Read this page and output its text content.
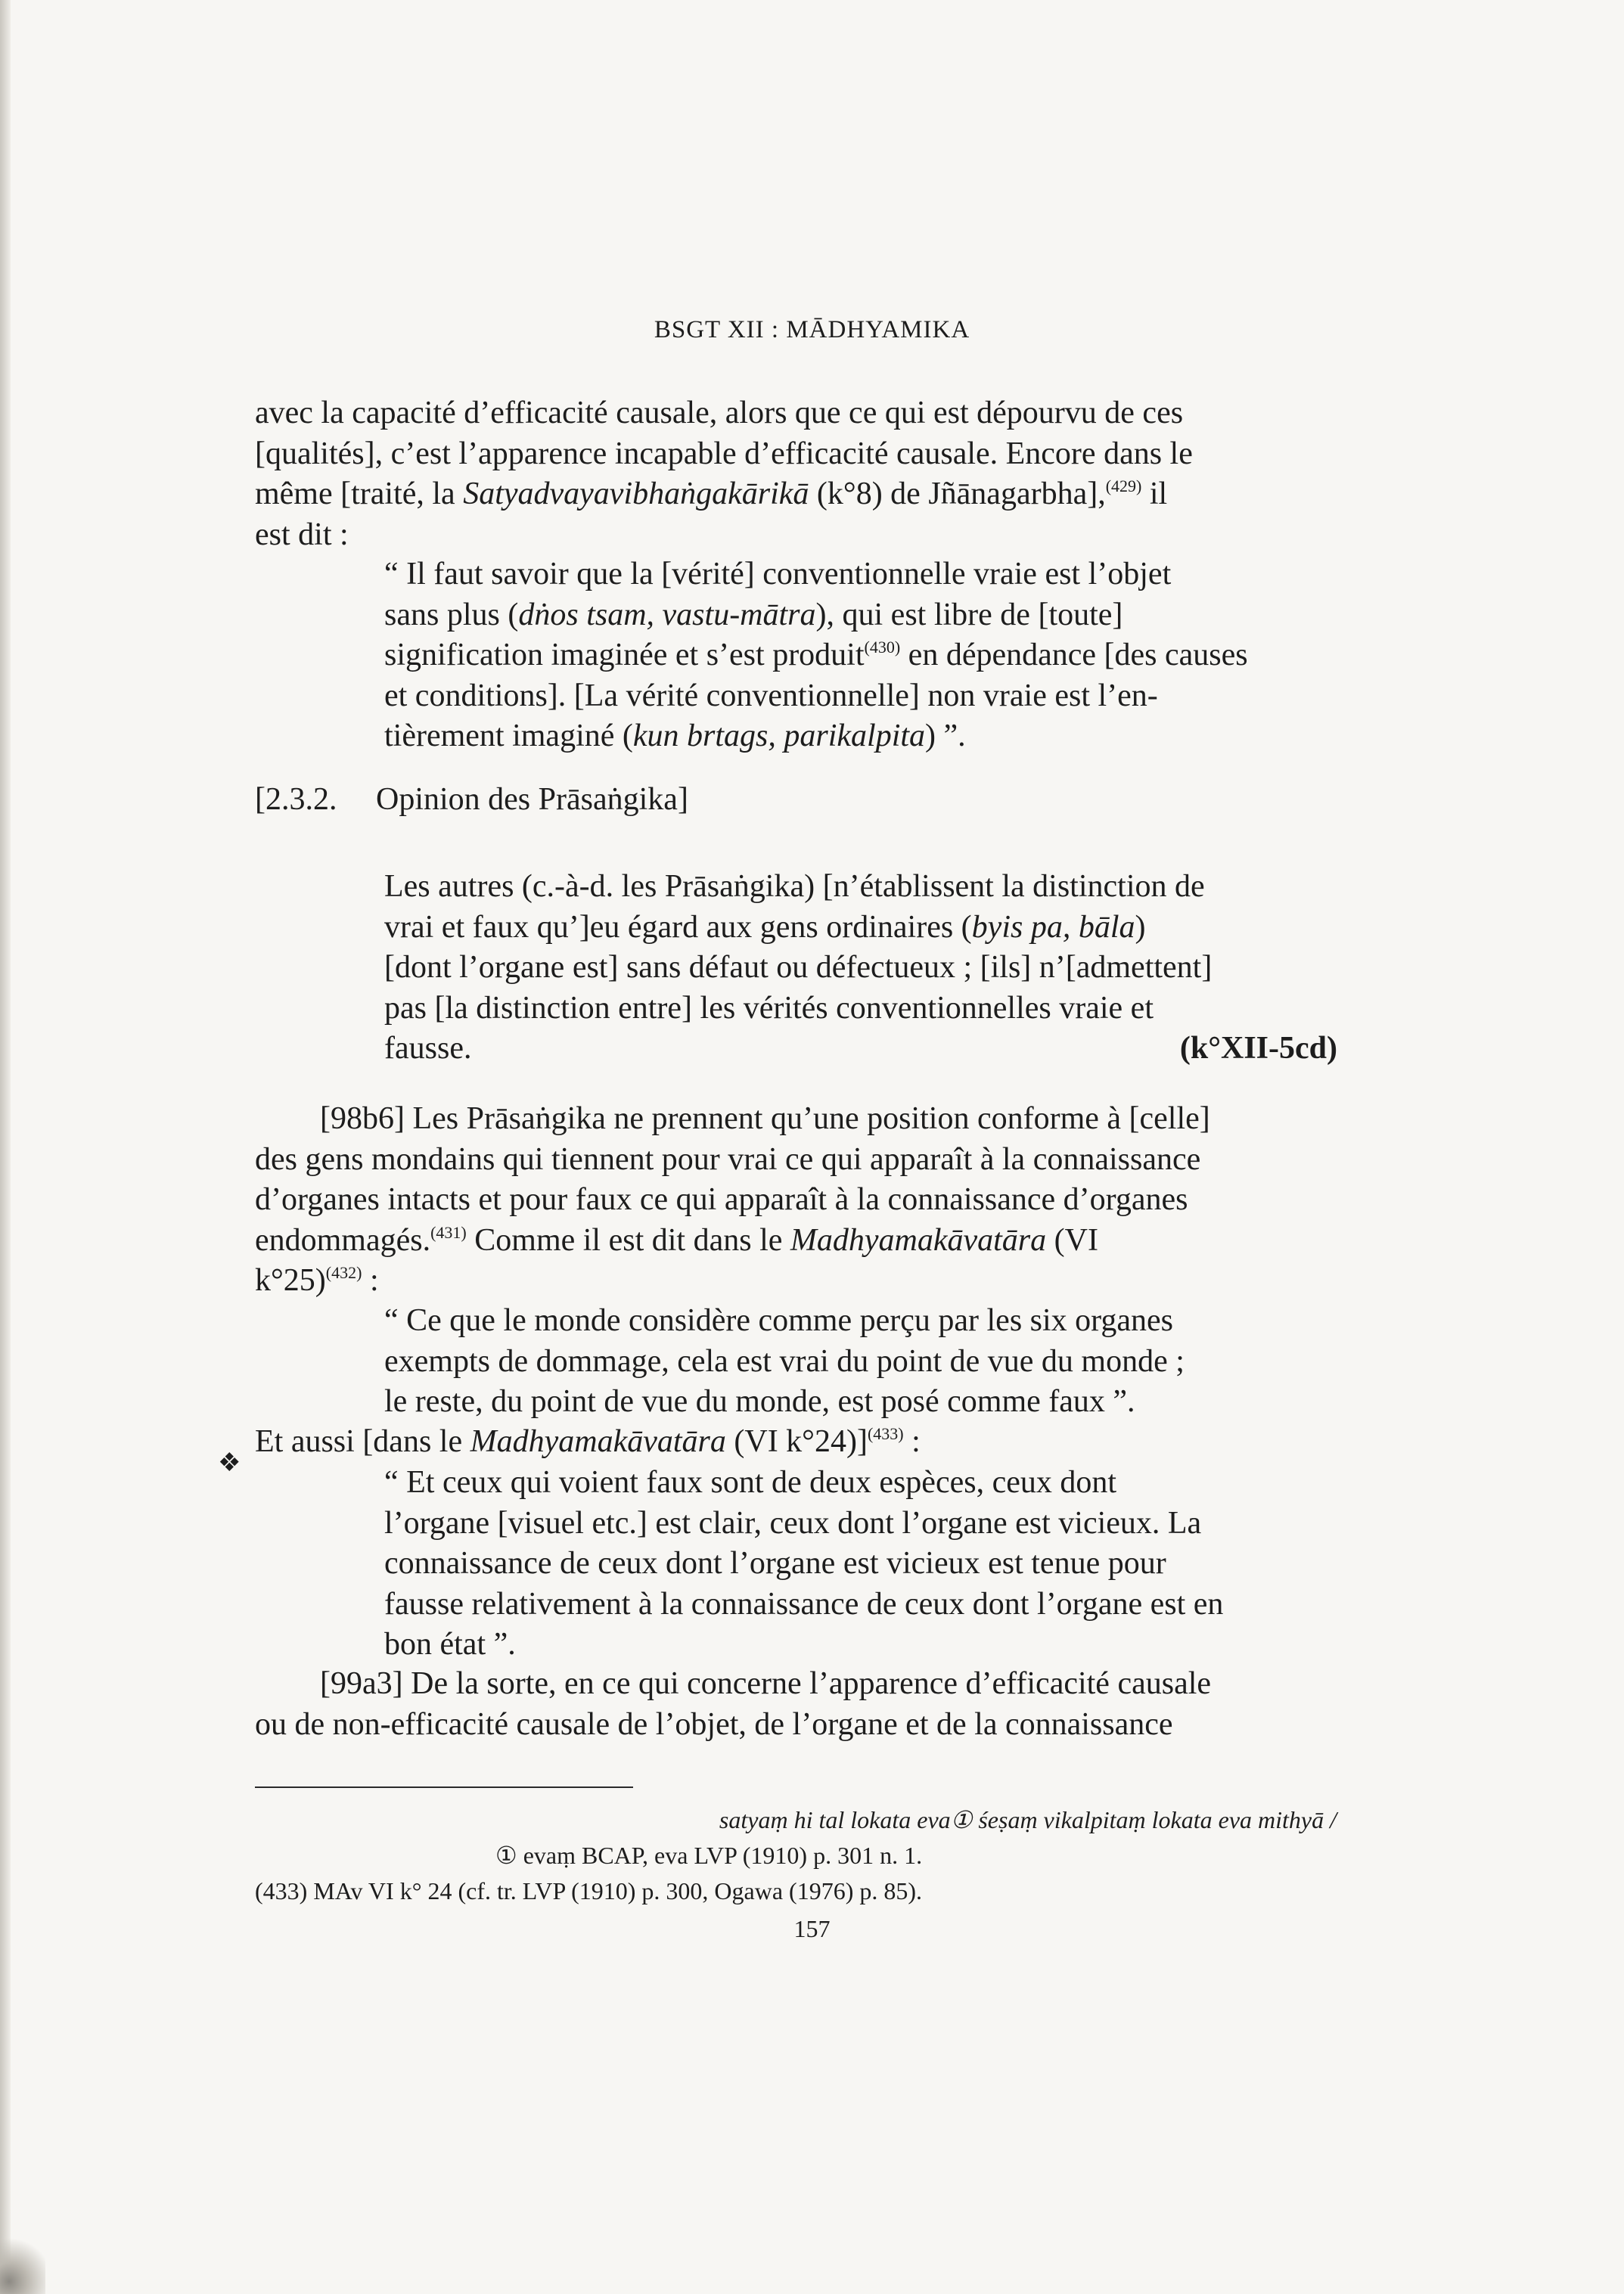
BSGT XII : MĀDHYAMIKA
avec la capacité d’efficacité causale, alors que ce qui est dépourvu de ces
[qualités], c’est l’apparence incapable d’efficacité causale. Encore dans le
même [traité, la Satyadvayavibhaṅgakārikā (k°8) de Jñānagarbha],$^{(429)}$ il
est dit :
“ Il faut savoir que la [vérité] conventionnelle vraie est l’objet
sans plus (dṅos tsam, vastu-mātra), qui est libre de [toute]
signification imaginée et s’est produit$^{(430)}$ en dépendance [des causes
et conditions]. [La vérité conventionnelle] non vraie est l’en-
tièrement imaginé (kun brtags, parikalpita) ”.
[2.3.2. Opinion des Prāsaṅgika]
Les autres (c.-à-d. les Prāsaṅgika) [n’établissent la distinction de
vrai et faux qu’]eu égard aux gens ordinaires (byis pa, bāla)
[dont l’organe est] sans défaut ou défectueux ; [ils] n’[admettent]
pas [la distinction entre] les vérités conventionnelles vraie et
fausse.	(k°XII-5cd)
[98b6] Les Prāsaṅgika ne prennent qu’une position conforme à [celle]
des gens mondains qui tiennent pour vrai ce qui apparaît à la connaissance
d’organes intacts et pour faux ce qui apparaît à la connaissance d’organes
endommagés.$^{(431)}$ Comme il est dit dans le Madhyamakāvatāra (VI
k°25)$^{(432)}$ :
“ Ce que le monde considère comme perçu par les six organes
exempts de dommage, cela est vrai du point de vue du monde ;
le reste, du point de vue du monde, est posé comme faux ”.
❖
Et aussi [dans le Madhyamakāvatāra (VI k°24)]$^{(433)}$ :
“ Et ceux qui voient faux sont de deux espèces, ceux dont
l’organe [visuel etc.] est clair, ceux dont l’organe est vicieux. La
connaissance de ceux dont l’organe est vicieux est tenue pour
fausse relativement à la connaissance de ceux dont l’organe est en
bon état ”.
[99a3] De la sorte, en ce qui concerne l’apparence d’efficacité causale
ou de non-efficacité causale de l’objet, de l’organe et de la connaissance
satyaṃ hi tal lokata eva① śeṣaṃ vikalpitaṃ lokata eva mithyā /
① evaṃ BCAP, eva LVP (1910) p. 301 n. 1.
(433) MAv VI k° 24 (cf. tr. LVP (1910) p. 300, Ogawa (1976) p. 85).
157
